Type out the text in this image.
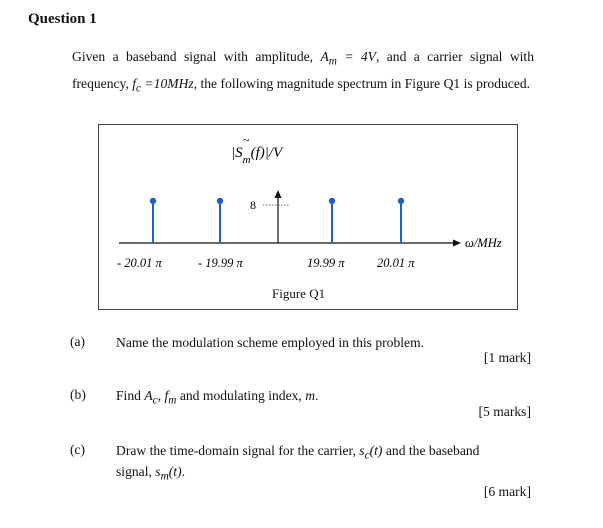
Question 1
Given a baseband signal with amplitude, $A_m = 4V$, and a carrier signal with frequency, $f_c =10MHz$, the following magnitude spectrum in Figure Q1 is produced.
$|S_m(f)|/V$
~
8
ω/MHz
- 20.01 π	- 19.99 π	19.99 π	20.01 π
Figure Q1
(a) Name the modulation scheme employed in this problem.
[1 mark]
(b) Find $A_c$, $f_m$ and modulating index, m.
[5 marks]
(c) Draw the time-domain signal for the carrier, $s_c(t)$ and the baseband
signal, $s_m(t)$.
[6 mark]
